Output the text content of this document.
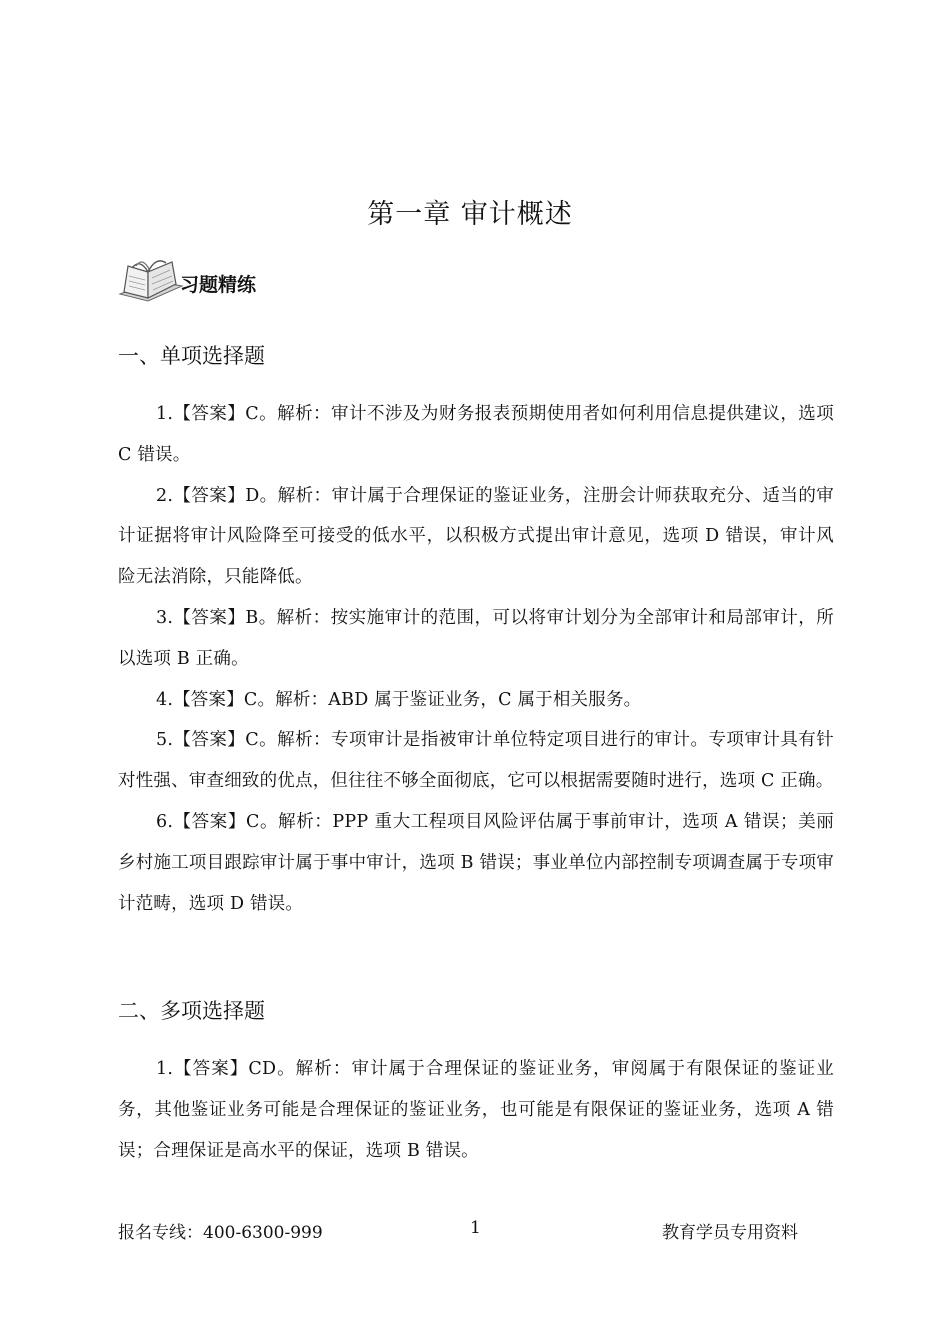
第一章 审计概述
习题精练
一、单项选择题

1.【答案】C。解析：审计不涉及为财务报表预期使用者如何利用信息提供建议，选项 C 错误。

2.【答案】D。解析：审计属于合理保证的鉴证业务，注册会计师获取充分、适当的审计证据将审计风险降至可接受的低水平，以积极方式提出审计意见，选项 D 错误，审计风险无法消除，只能降低。

3.【答案】B。解析：按实施审计的范围，可以将审计划分为全部审计和局部审计，所以选项 B 正确。

4.【答案】C。解析：ABD 属于鉴证业务，C 属于相关服务。

5.【答案】C。解析：专项审计是指被审计单位特定项目进行的审计。专项审计具有针对性强、审查细致的优点，但往往不够全面彻底，它可以根据需要随时进行，选项 C 正确。

6.【答案】C。解析：PPP 重大工程项目风险评估属于事前审计，选项 A 错误；美丽乡村施工项目跟踪审计属于事中审计，选项 B 错误；事业单位内部控制专项调查属于专项审计范畴，选项 D 错误。

二、多项选择题

1.【答案】CD。解析：审计属于合理保证的鉴证业务，审阅属于有限保证的鉴证业务，其他鉴证业务可能是合理保证的鉴证业务，也可能是有限保证的鉴证业务，选项 A 错误；合理保证是高水平的保证，选项 B 错误。

报名专线：400-6300-999	1	教育学员专用资料
